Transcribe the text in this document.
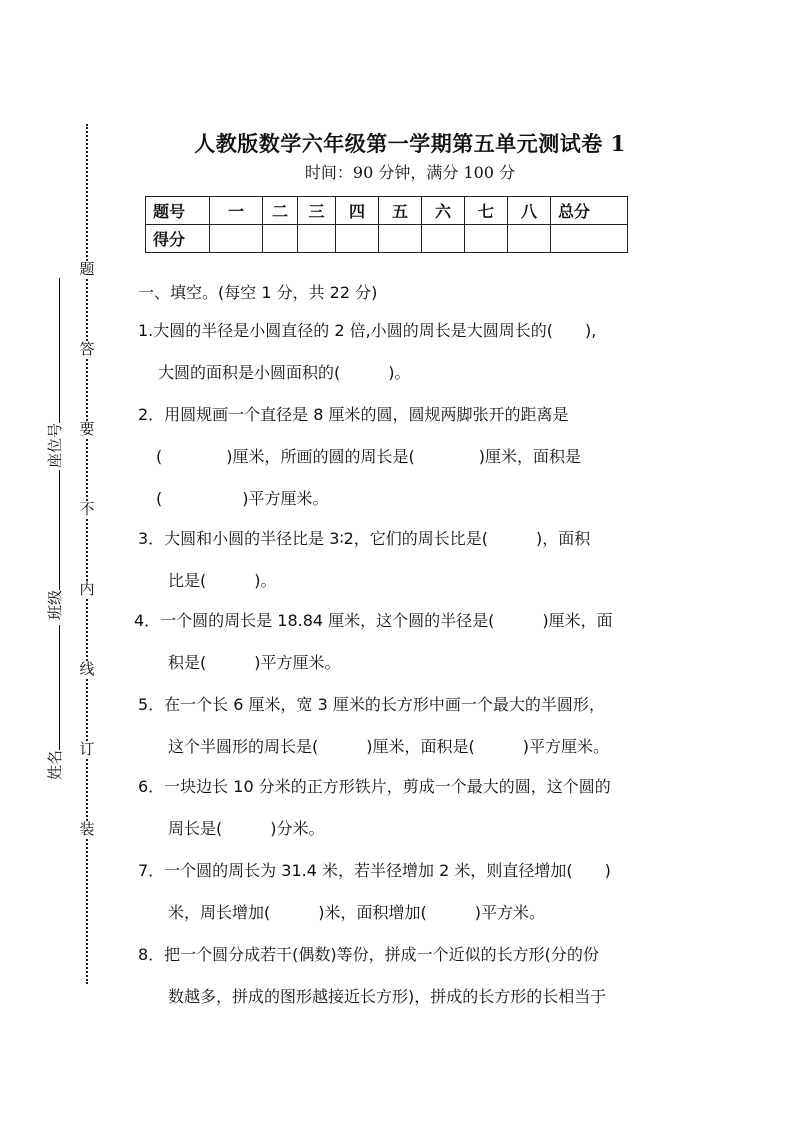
题
答
要
不
内
线
订
装
座位号
班级
姓名
人教版数学六年级第一学期第五单元测试卷 1
时间：90 分钟，满分 100 分
题号	一	二	三	四	五	六	七	八	总分
得分									
一、填空。(每空 1 分，共 22 分)
1.大圆的半径是小圆直径的 2 倍,小圆的周长是大圆周长的(　　),
大圆的面积是小圆面积的(　　　)。
2．用圆规画一个直径是 8 厘米的圆，圆规两脚张开的距离是
(　　　　)厘米，所画的圆的周长是(　　　　)厘米，面积是
(　　　　　)平方厘米。
3．大圆和小圆的半径比是 3∶2，它们的周长比是(　　　)，面积
比是(　　　)。
4．一个圆的周长是 18.84 厘米，这个圆的半径是(　　　)厘米，面
积是(　　　)平方厘米。
5．在一个长 6 厘米，宽 3 厘米的长方形中画一个最大的半圆形，
这个半圆形的周长是(　　　)厘米，面积是(　　　)平方厘米。
6．一块边长 10 分米的正方形铁片，剪成一个最大的圆，这个圆的
周长是(　　　)分米。
7．一个圆的周长为 31.4 米，若半径增加 2 米，则直径增加(　　)
米，周长增加(　　　)米，面积增加(　　　)平方米。
8．把一个圆分成若干(偶数)等份，拼成一个近似的长方形(分的份
数越多，拼成的图形越接近长方形)，拼成的长方形的长相当于
